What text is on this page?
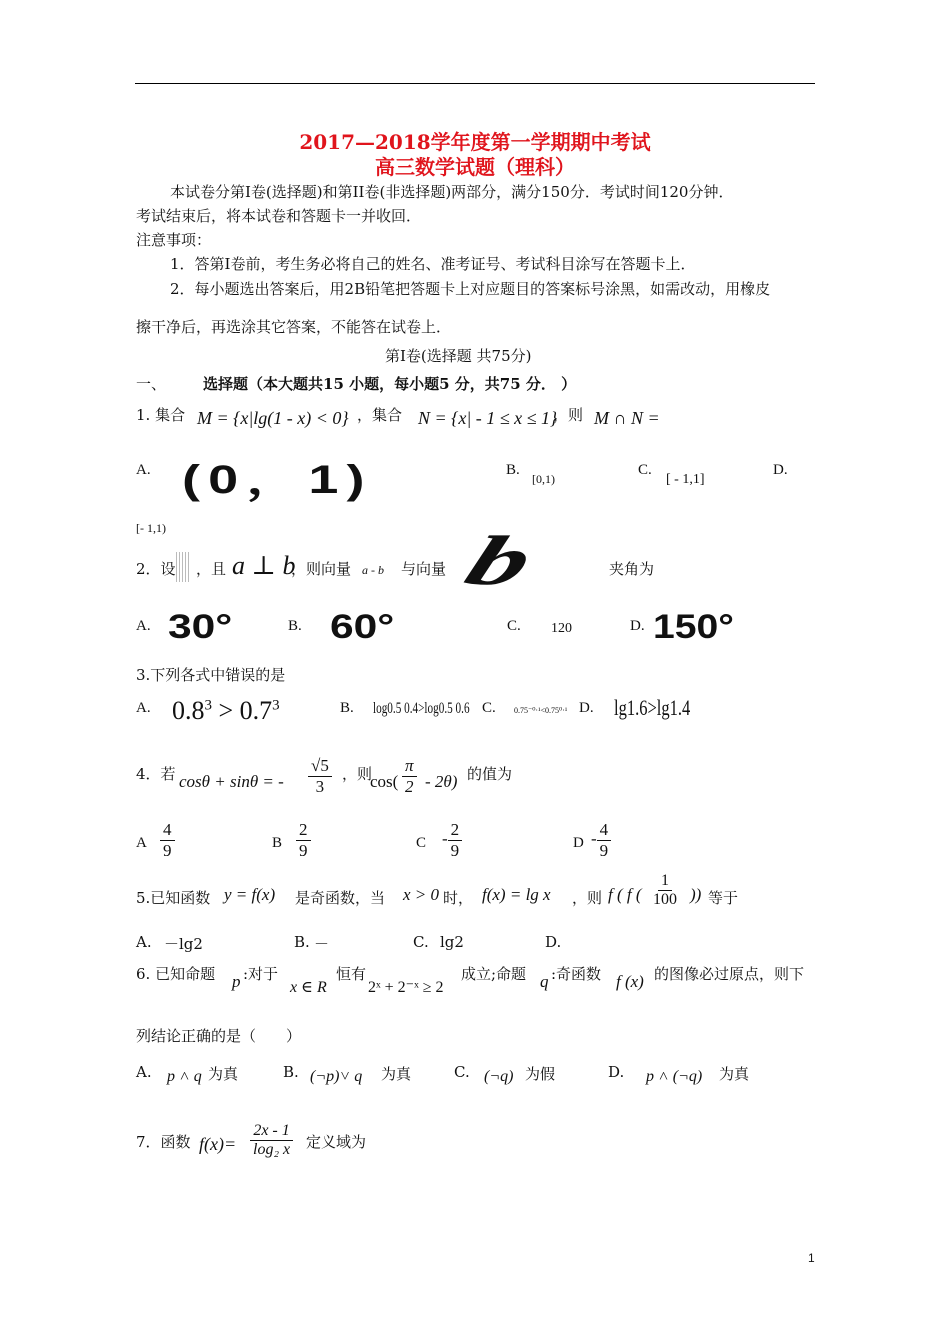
2017—2018学年度第一学期期中考试
高三数学试题（理科）
本试卷分第Ⅰ卷(选择题)和第II卷(非选择题)两部分，满分150分．考试时间120分钟．
考试结束后，将本试卷和答题卡一并收回．
注意事项：
1．答第Ⅰ卷前，考生务必将自己的姓名、准考证号、考试科目涂写在答题卡上．
2．每小题选出答案后，用2B铅笔把答题卡上对应题目的答案标号涂黑，如需改动，用橡皮
擦干净后，再选涂其它答案，不能答在试卷上．
第Ⅰ卷(选择题 共75分)
一、 选择题（本大题共15 小题，每小题5 分，共75 分． ）
1. 集合 M = {x|lg(1 - x) < 0} ，集合 N = {x| - 1 ≤ x ≤ 1}
，则 M ∩ N =
A. (0，1)	B.
[0,1)
C.
[ - 1,1]
D.
[- 1,1)
2．设 ，且 a ⊥ b
，则向量 a - b 与向量 b	夹角为
A. 30°	B. 60°	C. 120	D. 150°
3.下列各式中错误的是
A. $0.8^3 > 0.7^3$	B. log0.5 0.4>log0.5 0.6 C. 0.75⁻⁰·¹<0.75⁰·¹ D. lg1.6>lg1.4
4．若 cosθ + sinθ = - $\frac{√5}{3}$ ，则
$\cos( \frac{\pi}{2} - 2\theta)$ 的值为
A $\frac{4}{9}$	B $\frac{2}{9}$	C - $\frac{2}{9}$	D - $\frac{4}{9}$
5.已知函数 y = f(x) 是奇函数，当 x > 0 时， f(x) = lg x ，则 f ( f ( $\frac{1}{100}$ )) 等于
A. －lg2	B. －	C. lg2	D.
6. 已知命题 p :对于
x ∈ R
恒有
2ˣ + 2⁻ˣ ≥ 2
成立;命题 q :奇函数 f (x) 的图像必过原点，则下
列结论正确的是（　　）
A. p ˄ q 为真	B. (¬p)˅ q 为真	C. (¬q) 为假	D. p ˄ (¬q) 为真
7．函数 $f(x)= \frac{2x - 1}{\text{log₂ x}}$ 定义域为
1
